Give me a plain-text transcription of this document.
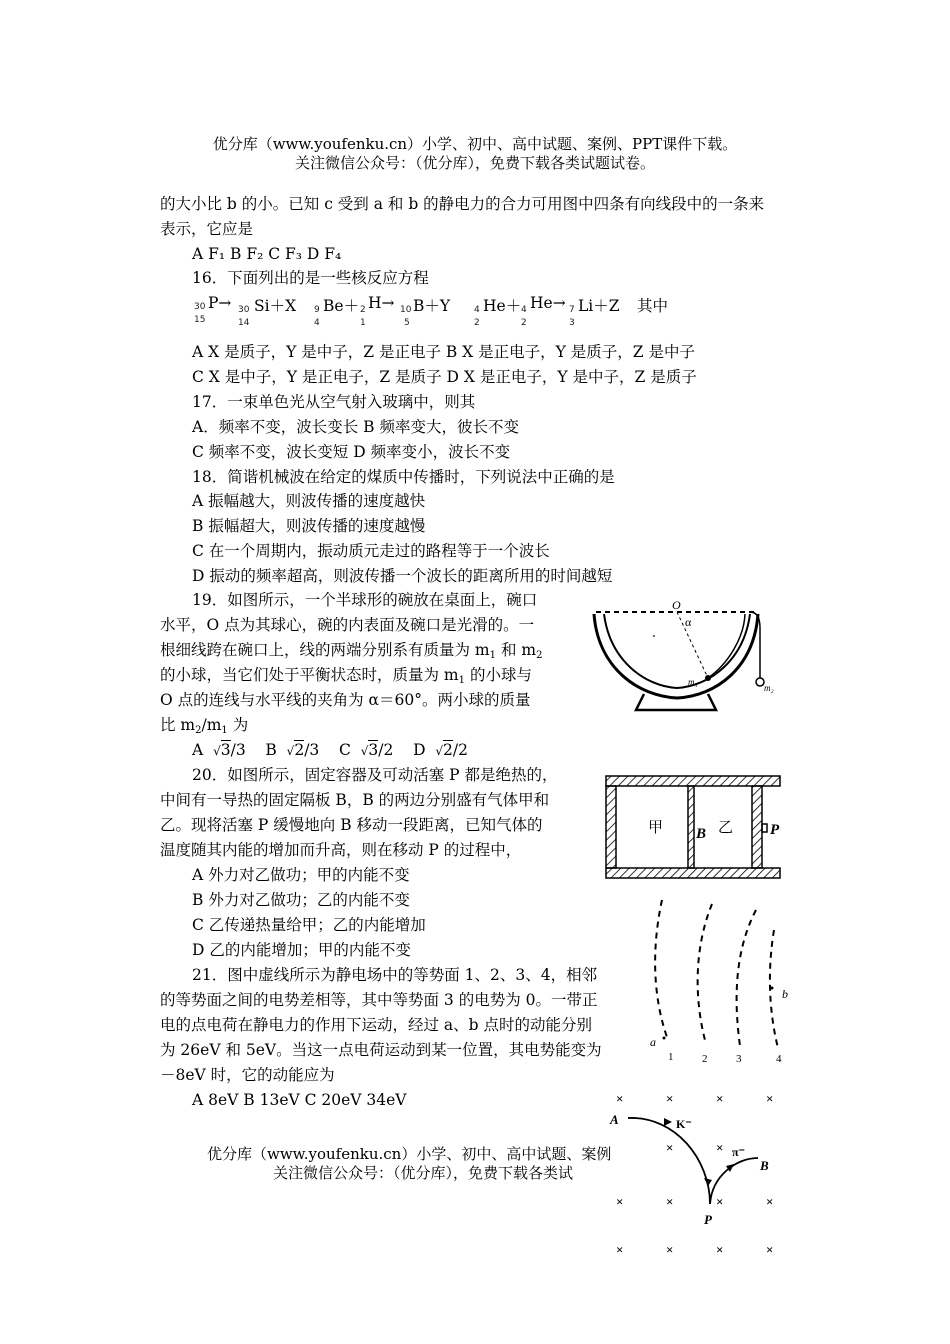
优分库（www.youfenku.cn）小学、初中、高中试题、案例、PPT课件下载。
关注微信公众号：（优分库），免费下载各类试题试卷。
的大小比 b 的小。已知 c 受到 a 和 b 的静电力的合力可用图中四条有向线段中的一条来
表示，它应是
A F₁ B F₂ C F₃ D F₄
16．下面列出的是一些核反应方程
30
15
P→ 30
14
Si＋X 9
4
Be＋ 2
1
H→ 10
5
B＋Y	4
2
He＋ 4
2
He→ 7
3
Li＋Z 其中
A X 是质子，Y 是中子，Z 是正电子 B X 是正电子，Y 是质子，Z 是中子
C X 是中子，Y 是正电子，Z 是质子 D X 是正电子，Y 是中子，Z 是质子
17．一束单色光从空气射入玻璃中，则其
A．频率不变，波长变长 B 频率变大，彼长不变
C 频率不变，波长变短 D 频率变小，波长不变
18．简谐机械波在给定的煤质中传播时，下列说法中正确的是
A 振幅越大，则波传播的速度越快
B 振幅超大，则波传播的速度越慢
C 在一个周期内，振动质元走过的路程等于一个波长
D 振动的频率超高，则波传播一个波长的距离所用的时间越短
19．如图所示，一个半球形的碗放在桌面上，碗口
水平，O 点为其球心，碗的内表面及碗口是光滑的。一
根细线跨在碗口上，线的两端分别系有质量为 $m_1$ 和 $m_2$
的小球，当它们处于平衡状态时，质量为 $m_1$ 的小球与
O 点的连线与水平线的夹角为 α＝60°。两小球的质量
比 $m_2/m_1$ 为
A √3/3 B √2/3 C √3/2 D √2/2
O
α
m₁
m₂
20．如图所示，固定容器及可动活塞 P 都是绝热的，
中间有一导热的固定隔板 B，B 的两边分别盛有气体甲和
乙。现将活塞 P 缓慢地向 B 移动一段距离，已知气体的
温度随其内能的增加而升高，则在移动 P 的过程中，
A 外力对乙做功；甲的内能不变
B 外力对乙做功；乙的内能不变
C 乙传递热量给甲；乙的内能增加
D 乙的内能增加；甲的内能不变
甲 B 乙 P
21．图中虚线所示为静电场中的等势面 1、2、3、4，相邻
的等势面之间的电势差相等，其中等势面 3 的电势为 0。一带正
电的点电荷在静电力的作用下运动，经过 a、b 点时的动能分别
为 26eV 和 5eV。当这一点电荷运动到某一位置，其电势能变为
－8eV 时，它的动能应为
A 8eV B 13eV C 20eV 34eV
a
b
1	2	3	4
×	×	×	×
×	×
×	×	×	×
×	×	×	×
A
B
P
K⁻
π⁻
优分库（www.youfenku.cn）小学、初中、高中试题、案例
关注微信公众号：（优分库），免费下载各类试
